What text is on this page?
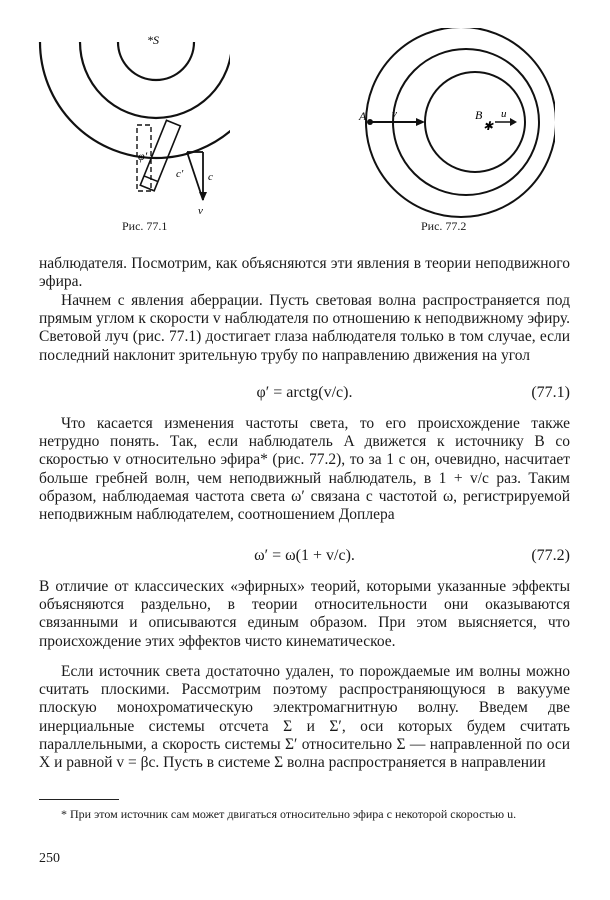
*S
φ′
c′ c
v
Рис. 77.1
A v	B
✱
u
Рис. 77.2

наблюдателя. Посмотрим, как объясняются эти явления в теории неподвижного эфира.

Начнем с явления аберрации. Пусть световая волна распространяется под прямым углом к скорости v наблюдателя по отношению к неподвижному эфиру. Световой луч (рис. 77.1) достигает глаза наблюдателя только в том случае, если последний наклонит зрительную трубу по направлению движения на угол

φ′ = arctg(v/c).	(77.1)

Что касается изменения частоты света, то его происхождение также нетрудно понять. Так, если наблюдатель A движется к источнику B со скоростью v относительно эфира* (рис. 77.2), то за 1 с он, очевидно, насчитает больше гребней волн, чем неподвижный наблюдатель, в 1 + v/c раз. Таким образом, наблюдаемая частота света ω′ связана с частотой ω, регистрируемой неподвижным наблюдателем, соотношением Доплера

ω′ = ω(1 + v/c).	(77.2)

В отличие от классических «эфирных» теорий, которыми указанные эффекты объясняются раздельно, в теории относительности они оказываются связанными и описываются единым образом. При этом выясняется, что происхождение этих эффектов чисто кинематическое.

Если источник света достаточно удален, то порождаемые им волны можно считать плоскими. Рассмотрим поэтому распространяющуюся в вакууме плоскую монохроматическую электромагнитную волну. Введем две инерциальные системы отсчета Σ и Σ′, оси которых будем считать параллельными, а скорость системы Σ′ относительно Σ — направленной по оси X и равной v = βc. Пусть в системе Σ волна распространяется в направлении

* При этом источник сам может двигаться относительно эфира с некоторой скоростью u.
250
